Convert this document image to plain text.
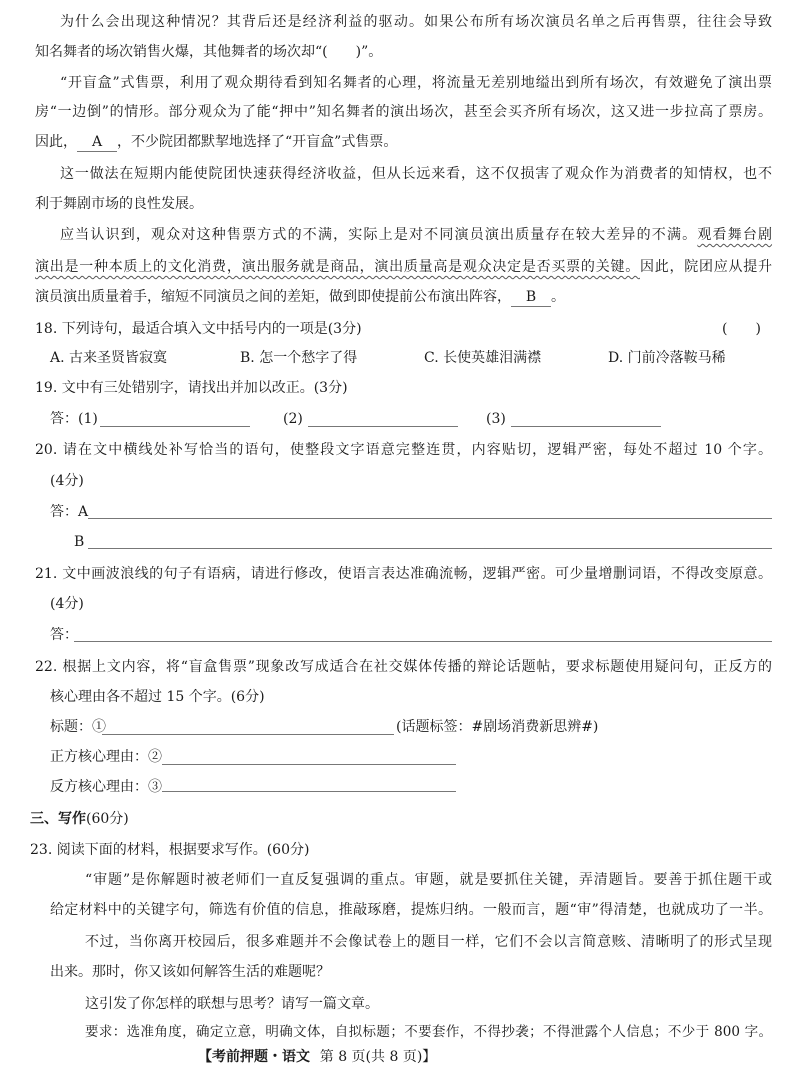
为什么会出现这种情况？其背后还是经济利益的驱动。如果公布所有场次演员名单之后再售票，往往会导致
知名舞者的场次销售火爆，其他舞者的场次却“(　　)”。
“开盲盒”式售票，利用了观众期待看到知名舞者的心理，将流量无差别地缢出到所有场次，有效避免了演出票
房“一边倒”的情形。部分观众为了能“押中”知名舞者的演出场次，甚至会买齐所有场次，这又进一步拉高了票房。
因此， A ，不少院团都默挈地选择了“开盲盒”式售票。
这一做法在短期内能使院团快速获得经济收益，但从长远来看，这不仅损害了观众作为消费者的知情权，也不
利于舞剧市场的良性发展。
应当认识到，观众对这种售票方式的不满，实际上是对不同演员演出质量存在较大差异的不满。观看舞台剧
演出是一种本质上的文化消费，演出服务就是商品，演出质量高是观众决定是否买票的关键。因此，院团应从提升
演员演出质量着手，缩短不同演员之间的差矩，做到即使提前公布演出阵容， B 。
18. 下列诗句，最适合填入文中括号内的一项是(3分)	(　　)
A. 古来圣贤皆寂寞	B. 怎一个愁字了得	C. 长使英雄泪满襟	D. 门前冷落鞍马稀
19. 文中有三处错别字，请找出并加以改正。(3分)
答：(1)	(2)	(3)
20. 请在文中横线处补写恰当的语句，使整段文字语意完整连贯，内容贴切，逻辑严密，每处不超过 10 个字。
(4分)
答：A
B
21. 文中画波浪线的句子有语病，请进行修改，使语言表达准确流畅，逻辑严密。可少量增删词语，不得改变原意。
(4分)
答：
22. 根据上文内容，将“盲盒售票”现象改写成适合在社交媒体传播的辩论话题帖，要求标题使用疑问句，正反方的
核心理由各不超过 15 个字。(6分)
标题：①	(话题标签：#剧场消费新思辨#)
正方核心理由：②
反方核心理由：③
三、写作(60分)
23. 阅读下面的材料，根据要求写作。(60分)
“审题”是你解题时被老师们一直反复强调的重点。审题，就是要抓住关键，弄清题旨。要善于抓住题干或
给定材料中的关键字句，筛选有价值的信息，推敲琢磨，提炼归纳。一般而言，题“审”得清楚，也就成功了一半。
不过，当你离开校园后，很多难题并不会像试卷上的题目一样，它们不会以言简意赅、清晰明了的形式呈现
出来。那时，你又该如何解答生活的难题呢？
这引发了你怎样的联想与思考？请写一篇文章。
要求：选准角度，确定立意，明确文体，自拟标题；不要套作，不得抄袭；不得泄露个人信息；不少于 800 字。
【考前押题・语文 第 8 页(共 8 页)】
